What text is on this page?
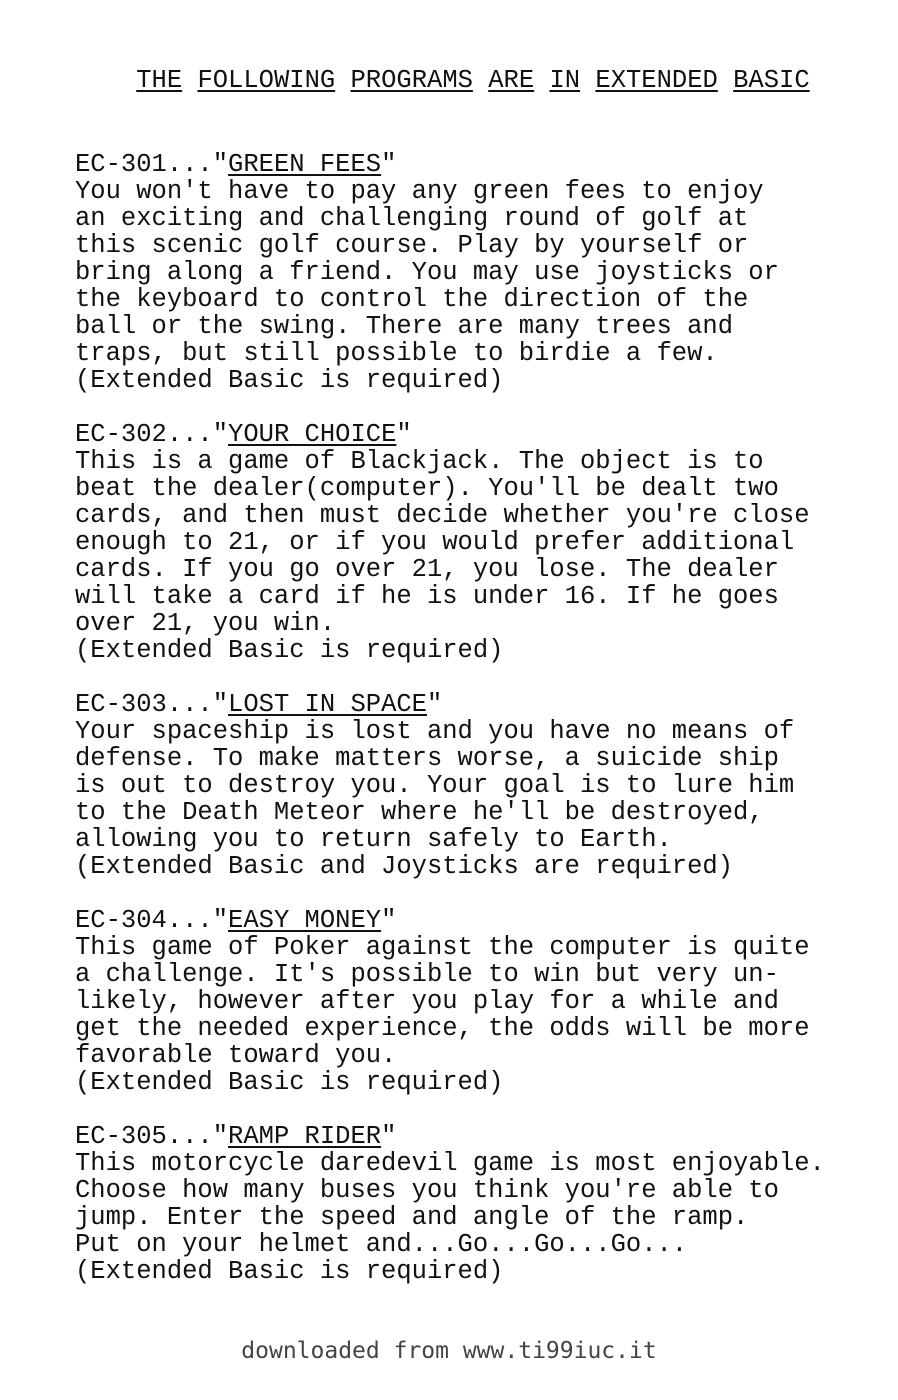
THE FOLLOWING PROGRAMS ARE IN EXTENDED BASIC

EC-301..."GREEN FEES"
You won't have to pay any green fees to enjoy
an exciting and challenging round of golf at
this scenic golf course. Play by yourself or
bring along a friend. You may use joysticks or
the keyboard to control the direction of the
ball or the swing. There are many trees and
traps, but still possible to birdie a few.
(Extended Basic is required)
EC-302..."YOUR CHOICE"
This is a game of Blackjack. The object is to
beat the dealer(computer). You'll be dealt two
cards, and then must decide whether you're close
enough to 21, or if you would prefer additional
cards. If you go over 21, you lose. The dealer
will take a card if he is under 16. If he goes
over 21, you win.
(Extended Basic is required)
EC-303..."LOST IN SPACE"
Your spaceship is lost and you have no means of
defense. To make matters worse, a suicide ship
is out to destroy you. Your goal is to lure him
to the Death Meteor where he'll be destroyed,
allowing you to return safely to Earth.
(Extended Basic and Joysticks are required)
EC-304..."EASY MONEY"
This game of Poker against the computer is quite
a challenge. It's possible to win but very un-
likely, however after you play for a while and
get the needed experience, the odds will be more
favorable toward you.
(Extended Basic is required)
EC-305..."RAMP RIDER"
This motorcycle daredevil game is most enjoyable.
Choose how many buses you think you're able to
jump. Enter the speed and angle of the ramp.
Put on your helmet and...Go...Go...Go...
(Extended Basic is required)
downloaded from www.ti99iuc.it
